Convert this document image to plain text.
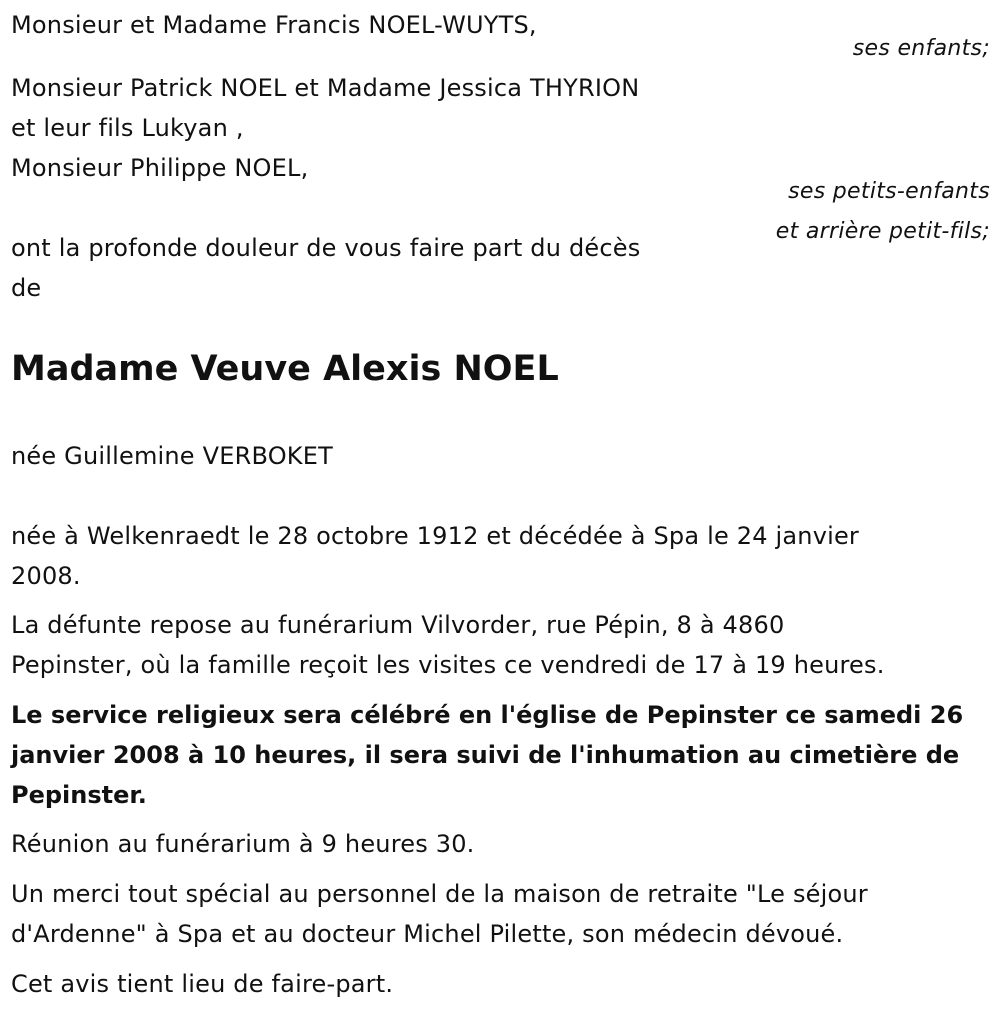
Monsieur et Madame Francis NOEL-WUYTS,
ses enfants;
Monsieur Patrick NOEL et Madame Jessica THYRION
et leur fils Lukyan ,
Monsieur Philippe NOEL,
ses petits-enfants
et arrière petit-fils;
ont la profonde douleur de vous faire part du décès
de
Madame Veuve Alexis NOEL
née Guillemine VERBOKET
née à Welkenraedt le 28 octobre 1912 et décédée à Spa le 24 janvier
2008.
La défunte repose au funérarium Vilvorder, rue Pépin, 8 à 4860
Pepinster, où la famille reçoit les visites ce vendredi de 17 à 19 heures.
Le service religieux sera célébré en l'église de Pepinster ce samedi 26
janvier 2008 à 10 heures, il sera suivi de l'inhumation au cimetière de
Pepinster.
Réunion au funérarium à 9 heures 30.
Un merci tout spécial au personnel de la maison de retraite "Le séjour
d'Ardenne" à Spa et au docteur Michel Pilette, son médecin dévoué.
Cet avis tient lieu de faire-part.
